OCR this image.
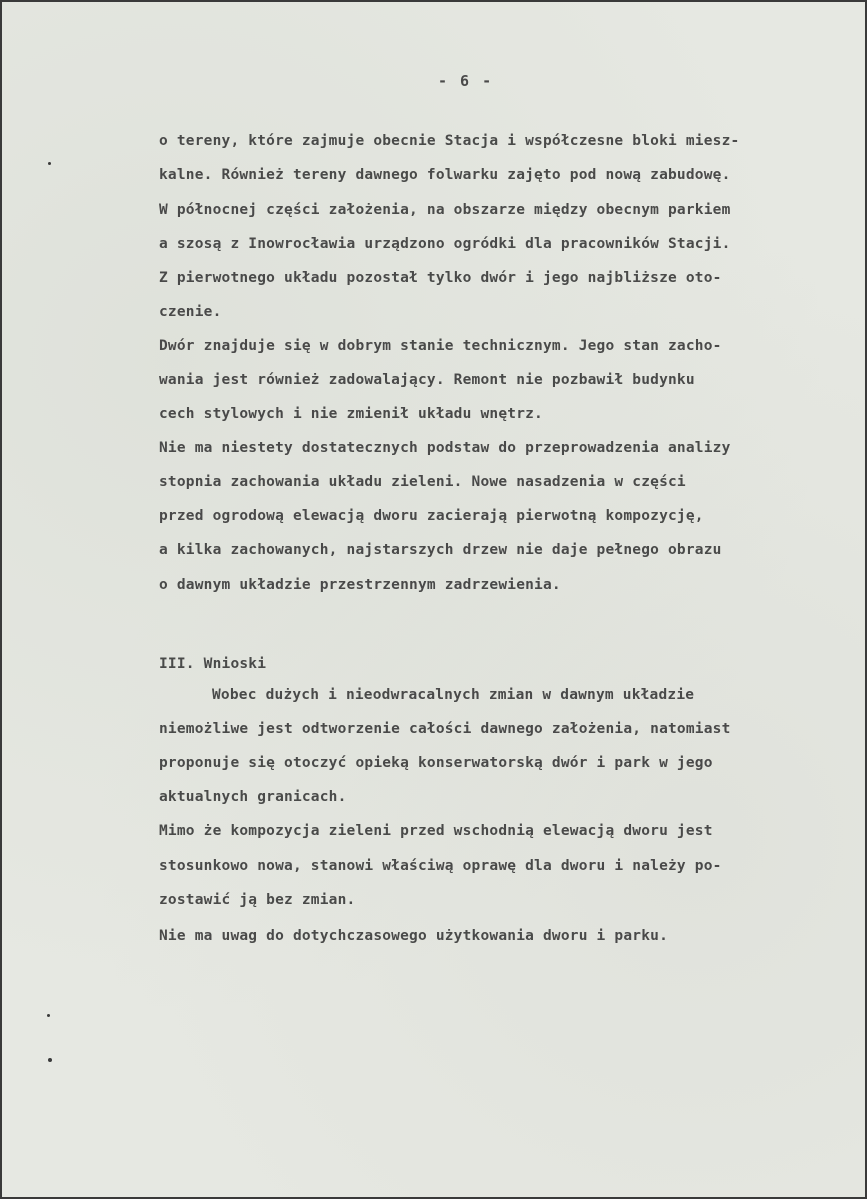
- 6 -
o tereny, które zajmuje obecnie Stacja i współczesne bloki miesz-
kalne. Również tereny dawnego folwarku zajęto pod nową zabudowę.
W północnej części założenia, na obszarze między obecnym parkiem
a szosą z Inowrocławia urządzono ogródki dla pracowników Stacji.
Z pierwotnego układu pozostał tylko dwór i jego najbliższe oto-
czenie.
Dwór znajduje się w dobrym stanie technicznym. Jego stan zacho-
wania jest również zadowalający. Remont nie pozbawił budynku
cech stylowych i nie zmienił układu wnętrz.
Nie ma niestety dostatecznych podstaw do przeprowadzenia analizy
stopnia zachowania układu zieleni. Nowe nasadzenia w części
przed ogrodową elewacją dworu zacierają pierwotną kompozycję,
a kilka zachowanych, najstarszych drzew nie daje pełnego obrazu
o dawnym układzie przestrzennym zadrzewienia.
III. Wnioski
Wobec dużych i nieodwracalnych zmian w dawnym układzie
niemożliwe jest odtworzenie całości dawnego założenia, natomiast
proponuje się otoczyć opieką konserwatorską dwór i park w jego
aktualnych granicach.
Mimo że kompozycja zieleni przed wschodnią elewacją dworu jest
stosunkowo nowa, stanowi właściwą oprawę dla dworu i należy po-
zostawić ją bez zmian.
Nie ma uwag do dotychczasowego użytkowania dworu i parku.
